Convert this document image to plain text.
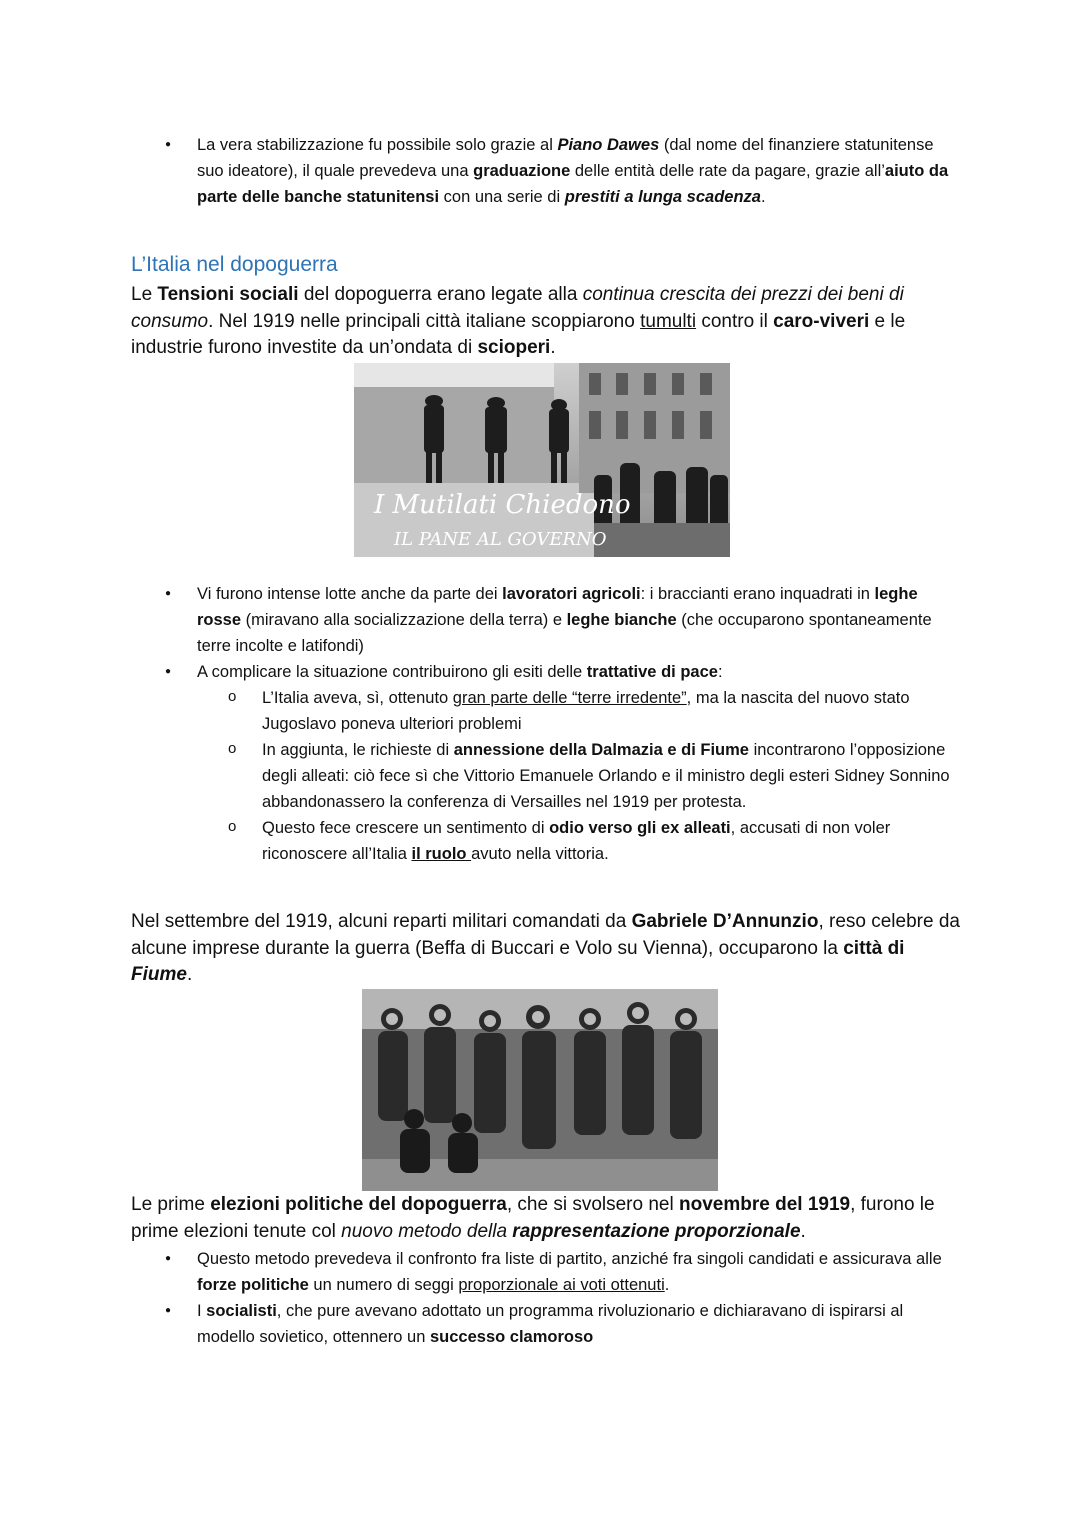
● La vera stabilizzazione fu possibile solo grazie al Piano Dawes (dal nome del finanziere statunitense suo ideatore), il quale prevedeva una graduazione delle entità delle rate da pagare, grazie all’aiuto da parte delle banche statunitensi con una serie di prestiti a lunga scadenza.
L’Italia nel dopoguerra

Le Tensioni sociali del dopoguerra erano legate alla continua crescita dei prezzi dei beni di consumo. Nel 1919 nelle principali città italiane scoppiarono tumulti contro il caro-viveri e le industrie furono investite da un’ondata di scioperi.

I Mutilati Chiedono
IL PANE AL GOVERNO
● Vi furono intense lotte anche da parte dei lavoratori agricoli: i braccianti erano inquadrati in leghe rosse (miravano alla socializzazione della terra) e leghe bianche (che occuparono spontaneamente terre incolte e latifondi)
● A complicare la situazione contribuirono gli esiti delle trattative di pace:
o L’Italia aveva, sì, ottenuto gran parte delle “terre irredente”, ma la nascita del nuovo stato Jugoslavo poneva ulteriori problemi
o In aggiunta, le richieste di annessione della Dalmazia e di Fiume incontrarono l’opposizione degli alleati: ciò fece sì che Vittorio Emanuele Orlando e il ministro degli esteri Sidney Sonnino abbandonassero la conferenza di Versailles nel 1919 per protesta.
o Questo fece crescere un sentimento di odio verso gli ex alleati, accusati di non voler riconoscere all’Italia il ruolo avuto nella vittoria.

Nel settembre del 1919, alcuni reparti militari comandati da Gabriele D’Annunzio, reso celebre da alcune imprese durante la guerra (Beffa di Buccari e Volo su Vienna), occuparono la città di Fiume.

Le prime elezioni politiche del dopoguerra, che si svolsero nel novembre del 1919, furono le prime elezioni tenute col nuovo metodo della rappresentazione proporzionale.

● Questo metodo prevedeva il confronto fra liste di partito, anziché fra singoli candidati e assicurava alle forze politiche un numero di seggi proporzionale ai voti ottenuti.
● I socialisti, che pure avevano adottato un programma rivoluzionario e dichiaravano di ispirarsi al modello sovietico, ottennero un successo clamoroso
